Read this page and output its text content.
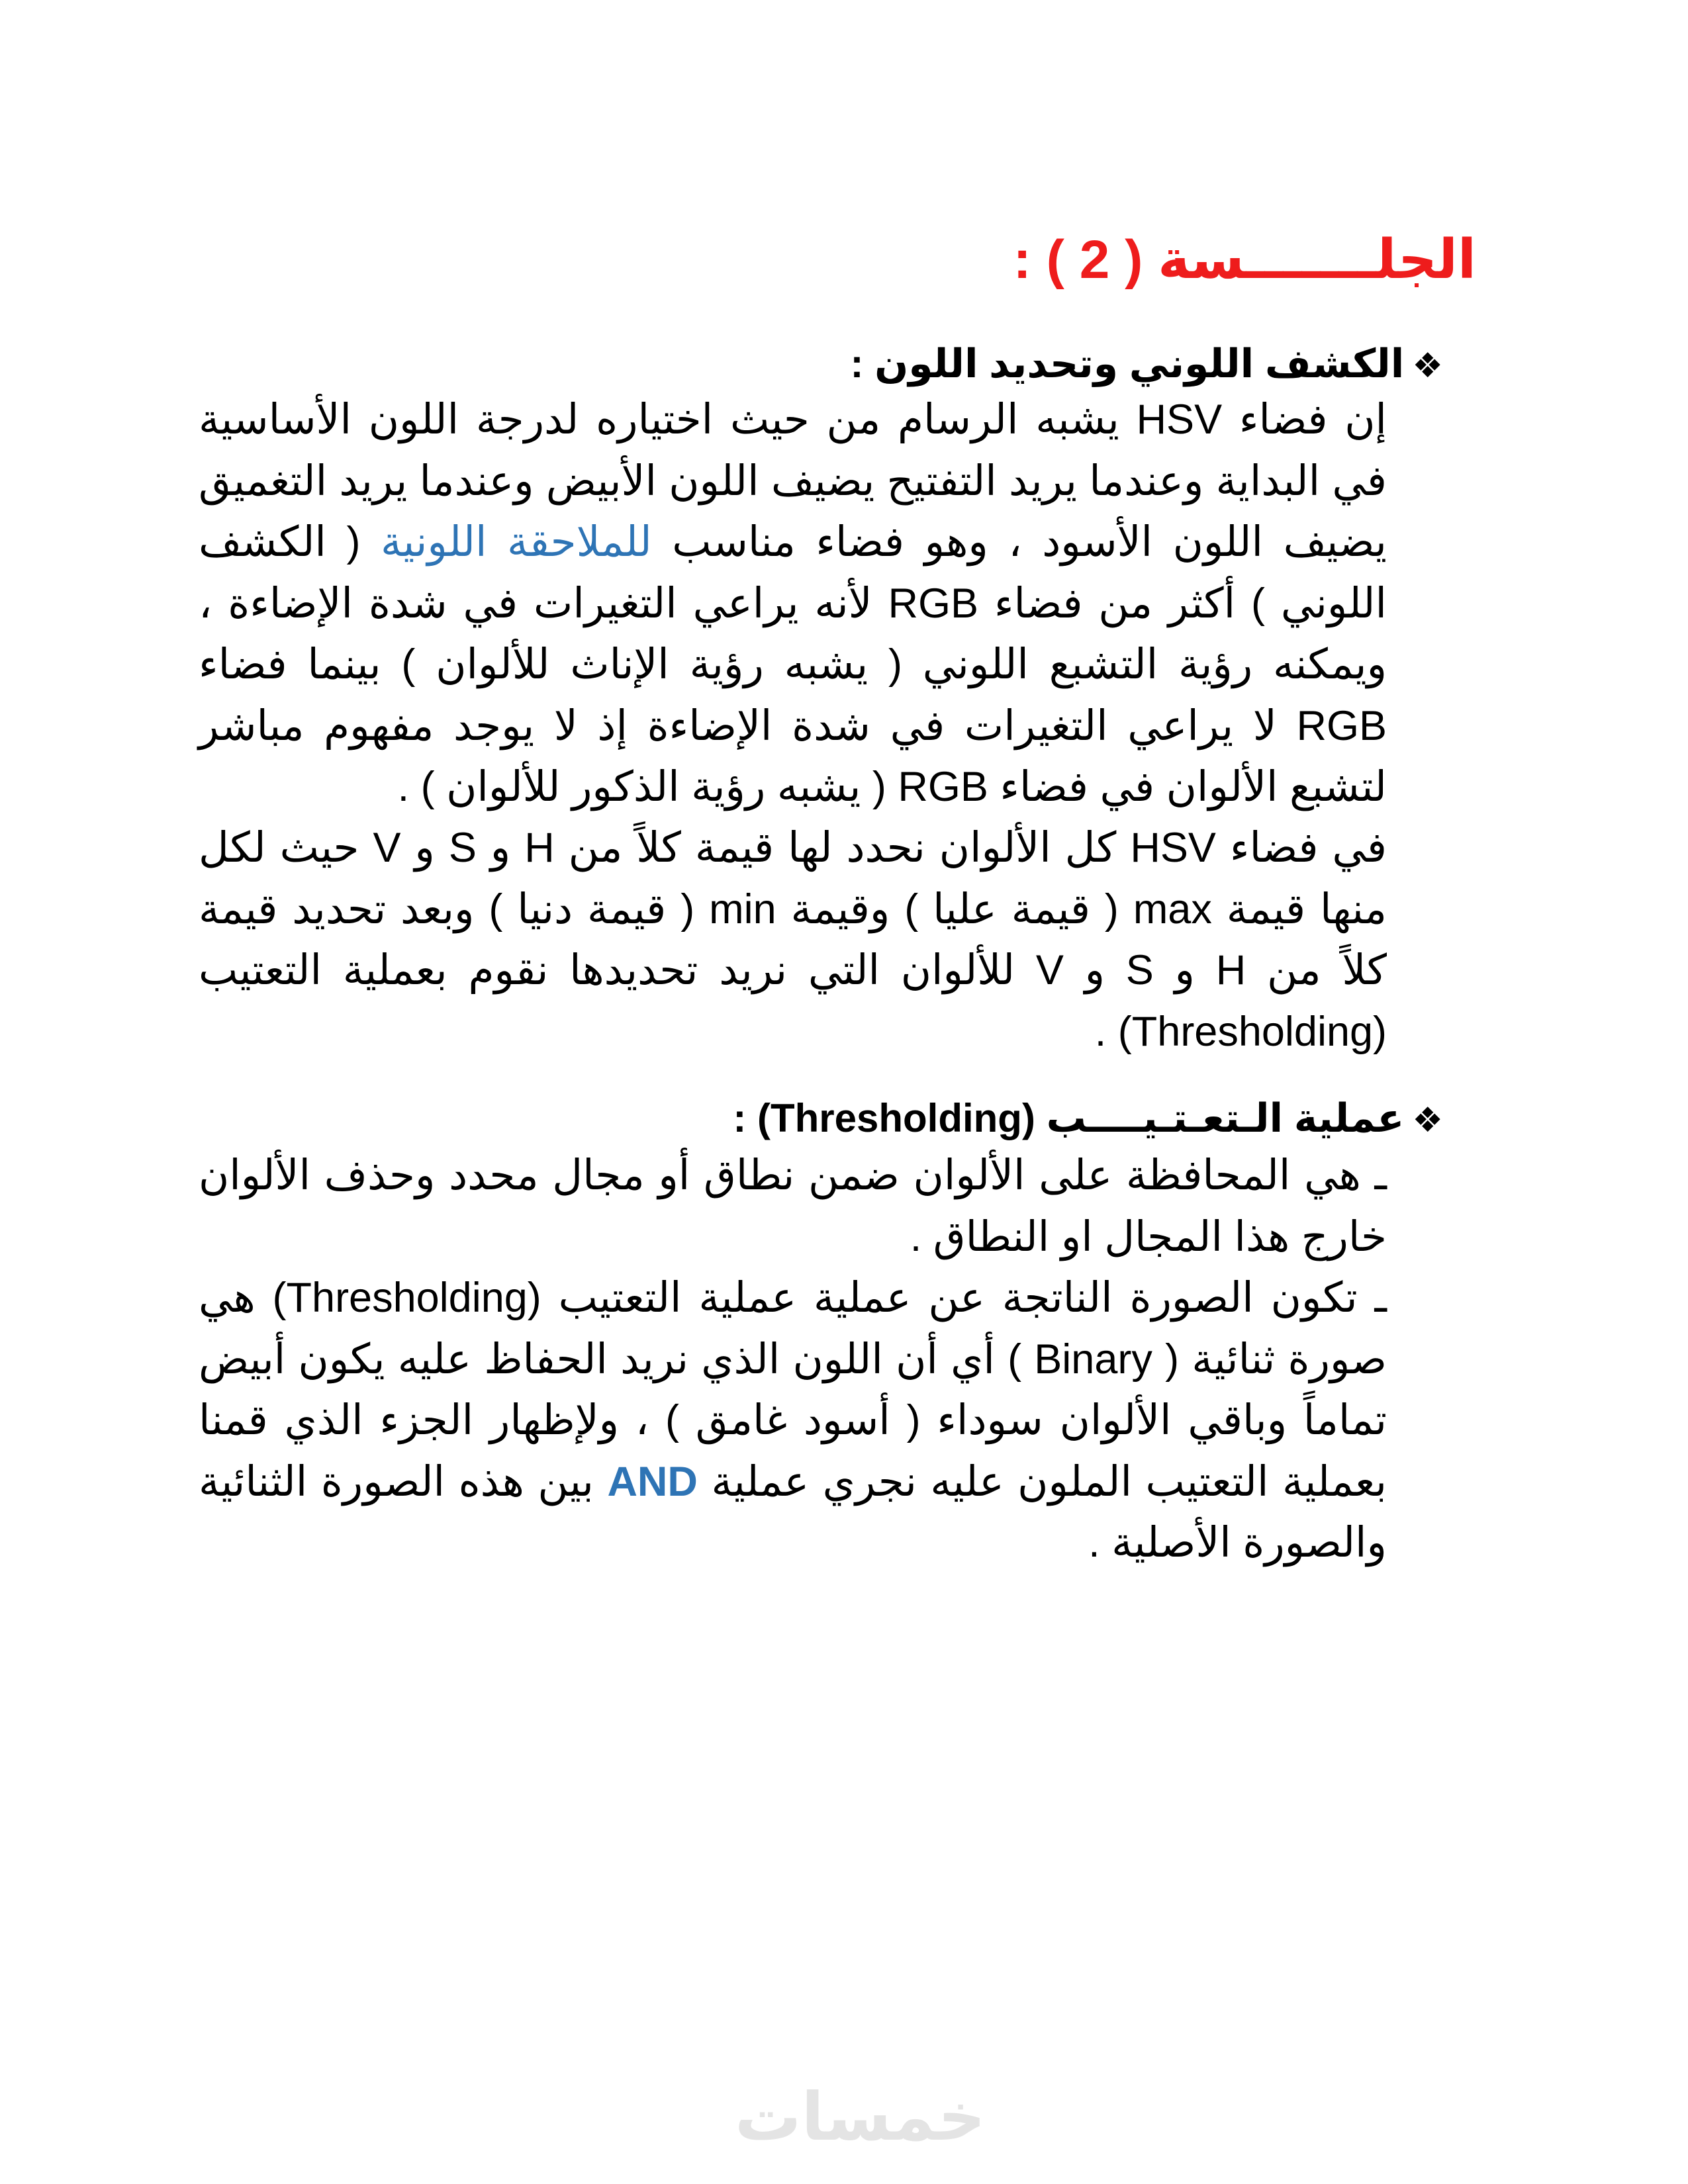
الجلـــــــسة ( 2 ) :
❖الكشف اللوني وتحديد اللون :

إن فضاء HSV يشبه الرسام من حيث اختياره لدرجة اللون الأساسية في البداية وعندما يريد التفتيح يضيف اللون الأبيض وعندما يريد التغميق يضيف اللون الأسود ، وهو فضاء مناسب للملاحقة اللونية ( الكشف اللوني ) أكثر من فضاء RGB لأنه يراعي التغيرات في شدة الإضاءة ، ويمكنه رؤية التشبع اللوني ( يشبه رؤية الإناث للألوان ) بينما فضاء RGB لا يراعي التغيرات في شدة الإضاءة إذ لا يوجد مفهوم مباشر لتشبع الألوان في فضاء RGB ( يشبه رؤية الذكور للألوان ) .

في فضاء HSV كل الألوان نحدد لها قيمة كلاً من H و S و V حيث لكل منها قيمة max ( قيمة عليا ) وقيمة min ( قيمة دنيا ) وبعد تحديد قيمة كلاً من H و S و V للألوان التي نريد تحديدها نقوم بعملية التعتيب (Thresholding) .

❖عملية الـتعـتـيــــب (Thresholding) :

ـ هي المحافظة على الألوان ضمن نطاق أو مجال محدد وحذف الألوان خارج هذا المجال او النطاق .

ـ تكون الصورة الناتجة عن عملية عملية التعتيب (Thresholding) هي صورة ثنائية ( Binary ) أي أن اللون الذي نريد الحفاظ عليه يكون أبيض تماماً وباقي الألوان سوداء ( أسود غامق ) ، ولإظهار الجزء الذي قمنا بعملية التعتيب الملون عليه نجري عملية AND بين هذه الصورة الثنائية والصورة الأصلية .

خمسات
